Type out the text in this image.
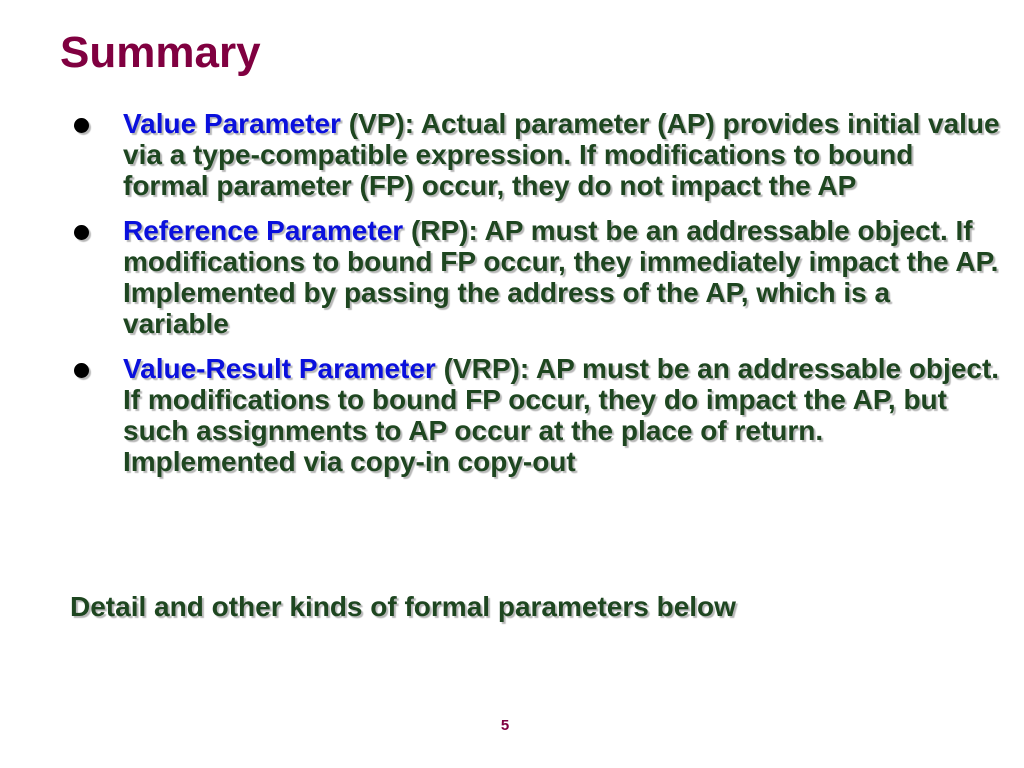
Summary
Value Parameter (VP): Actual parameter (AP) provides initial value via a type-compatible expression. If modifications to bound formal parameter (FP) occur, they do not impact the AP
Reference Parameter (RP): AP must be an addressable object. If modifications to bound FP occur, they immediately impact the AP. Implemented by passing the address of the AP, which is a variable
Value-Result Parameter (VRP): AP must be an addressable object. If modifications to bound FP occur, they do impact the AP, but such assignments to AP occur at the place of return. Implemented via copy-in copy-out

Detail and other kinds of formal parameters below

5
